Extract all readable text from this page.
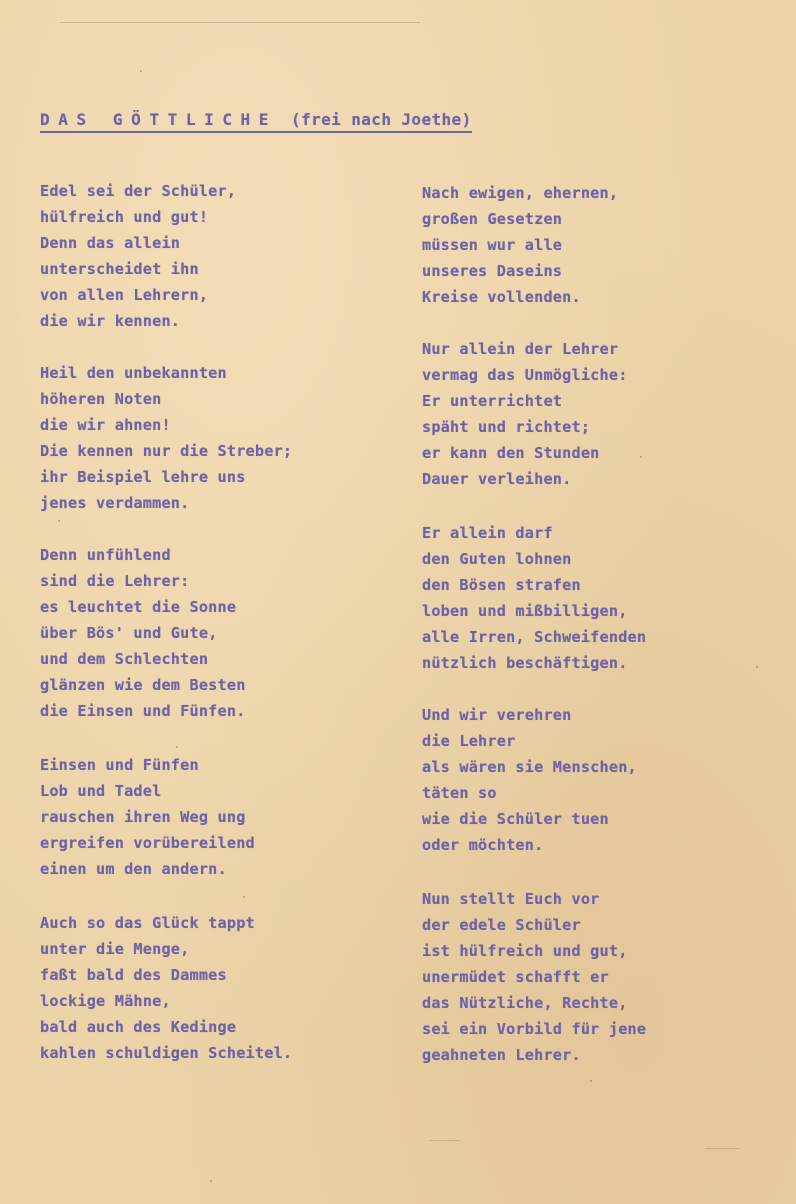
DAS GÖTTLICHE (frei nach Joethe)
Edel sei der Schüler,
hülfreich und gut!
Denn das allein
unterscheidet ihn
von allen Lehrern,
die wir kennen.
Heil den unbekannten
höheren Noten
die wir ahnen!
Die kennen nur die Streber;
ihr Beispiel lehre uns
jenes verdammen.
Denn unfühlend
sind die Lehrer:
es leuchtet die Sonne
über Bös' und Gute,
und dem Schlechten
glänzen wie dem Besten
die Einsen und Fünfen.
Einsen und Fünfen
Lob und Tadel
rauschen ihren Weg ung
ergreifen vorübereilend
einen um den andern.
Auch so das Glück tappt
unter die Menge,
faßt bald des Dammes
lockige Mähne,
bald auch des Kedinge
kahlen schuldigen Scheitel.
Nach ewigen, ehernen,
großen Gesetzen
müssen wur alle
unseres Daseins
Kreise vollenden.
Nur allein der Lehrer
vermag das Unmögliche:
Er unterrichtet
späht und richtet;
er kann den Stunden
Dauer verleihen.
Er allein darf
den Guten lohnen
den Bösen strafen
loben und mißbilligen,
alle Irren, Schweifenden
nützlich beschäftigen.
Und wir verehren
die Lehrer
als wären sie Menschen,
täten so
wie die Schüler tuen
oder möchten.
Nun stellt Euch vor
der edele Schüler
ist hülfreich und gut,
unermüdet schafft er
das Nützliche, Rechte,
sei ein Vorbild für jene
geahneten Lehrer.
